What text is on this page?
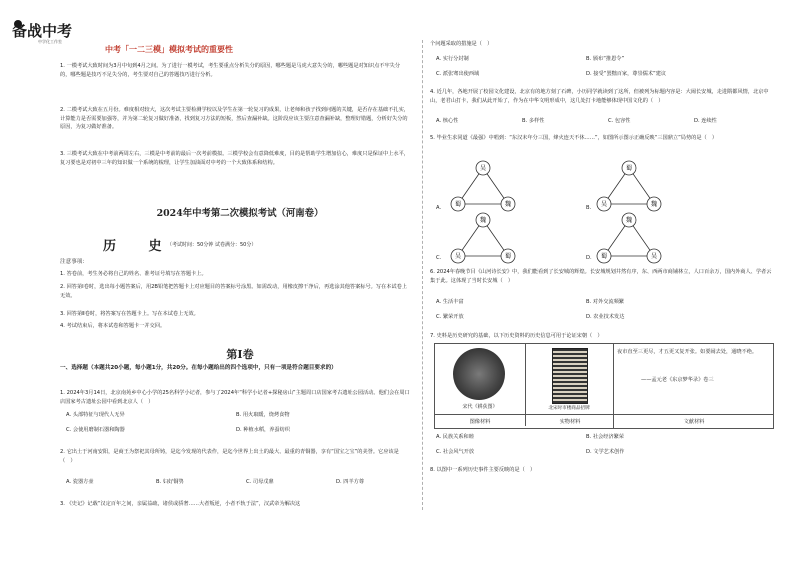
备战中考
中学化工作室
中考「一二三模」模拟考试的重要性
1. 一模考试大致时间为3月中旬到4月之间。为了进行一模考试，考生要重点分析失分的原因，哪些题是马虎大意失分的，哪些题是对知识点不牢失分的，哪些题是技巧不足失分的，考生要对自己的答题技巧进行分析。
2. 二模考试大致在五月份。难度相对较大，这次考试主要检测学校以及学生在第一轮复习的成果，让老师和孩子找到问题的关键，是否存在基础不扎实，计算能力是否需要加强等，并为第二轮复习做好准备，找到复习方法的短板，然后查漏补缺。这阶段应该主要注意查漏补缺，整理好错题，分析好失分的原因，为复习做好准备。
3. 三模考试大致在中考前两周左右，三模是中考前的最后一次考前模拟。三模学校会有意降低难度，目的是帮助学生增加信心，难度只是保证中上水平，复习要也是对初中三年的知识做一个系统的梳理，让学生加油面对中考的一个大致体系和结构。
2024年中考第二次模拟考试（河南卷）
历 史
（考试时间：50分钟 试卷满分：50分）
注意事项：
1. 答卷前，考生务必将自己的姓名、准考证号填写在答题卡上。
2. 回答第Ⅰ卷时，选出每小题答案后，用2B铅笔把答题卡上对应题目的答案标号涂黑。如需改动，用橡皮擦干净后，再选涂其他答案标号。写在本试卷上无效。
3. 回答第Ⅱ卷时，将答案写在答题卡上。写在本试卷上无效。
4. 考试结束后，将本试卷和答题卡一并交回。
第Ⅰ卷
一、选择题（本题共20小题，每小题1分，共20分。在每小题给出的四个选项中，只有一项是符合题目要求的）
1. 2024年3月14日，北京南苑乡中心小学的25名科学小记者，参与了2024年“科学小记者+探秘房山”主题周口店国家考古遗址公园活动。他们会在周口店国家考古遗址公园中看到北京人（　）
A. 头部特征与现代人无异	B. 用火取暖，烧烤食物
C. 会使用磨制石器和陶器	D. 种植水稻，养蚕纺织
2. 它出土于河南安阳，是商王为祭祀其母所铸，是迄今发现的代表作，是迄今世界上出土的最大、最重的青铜器，享有“国宝之宝”的美誉。它应该是（　）
A. 瓷器方壶	B. 妇好铜鸮	C. 司母戊鼎	D. 四羊方尊
3. 《史记》记载“汉定百年之间，亲属益疏，诸侯或骄奢……大者叛逆，小者不轨于法”，汉武帝为解决这
个问题采取的措施是（　）
A. 实行分封制	B. 颁布“推恩令”
C. 派张骞出使西域	D. 接受“罢黜百家，尊崇儒术”建议
4. 近几年，各地开展了校园文化建设，北京有的地方刻了石碑，小历同学就读到了这所，但被列为标题内容是：大闹长安城，走进隋都风情，北京中山，老君山打卡，我们从此开始了，作为在中华文明形成中，这几处打卡地能够体现中国文化的（　）
A. 核心性	B. 多样性	C. 包容性	D. 连续性
5. 毕业生求同道《最强》中唱到：“东汉末年分三国，烽火连天不休……”，如图所示图示正确反映“三国鼎立”局势的是（　）
A.	B.
C.	D.
吴
蜀	魏
蜀
吴	魏
魏
吴	蜀
魏
蜀	吴
6. 2024年春晚节目《山河诗长安》中，我们能看到了长安城的辉煌。长安城规划井然有序，东、西两市商铺林立，人口百余万，国内外商人、学者云集于此。这体现了当时长安城（　）
A. 生活丰富	B. 对外交流频繁
C. 繁荣开放	D. 农业技术发达
7. 史料是历史研究的基础，以下历史资料的历史信息可用于论证宋朝（　）
宋代《耕获图》	北宋时市楼商品招牌
夜市直至三更尽，才五更又复开张。如要闹去处，通晓不绝。
——孟元老《东京梦华录》卷三
图像材料	实物材料	文献材料
A. 民族关系和睦	B. 社会经济繁荣
C. 社会风气开放	D. 文学艺术创作
8. 以图中一系列历史事件主要反映的是（　）
